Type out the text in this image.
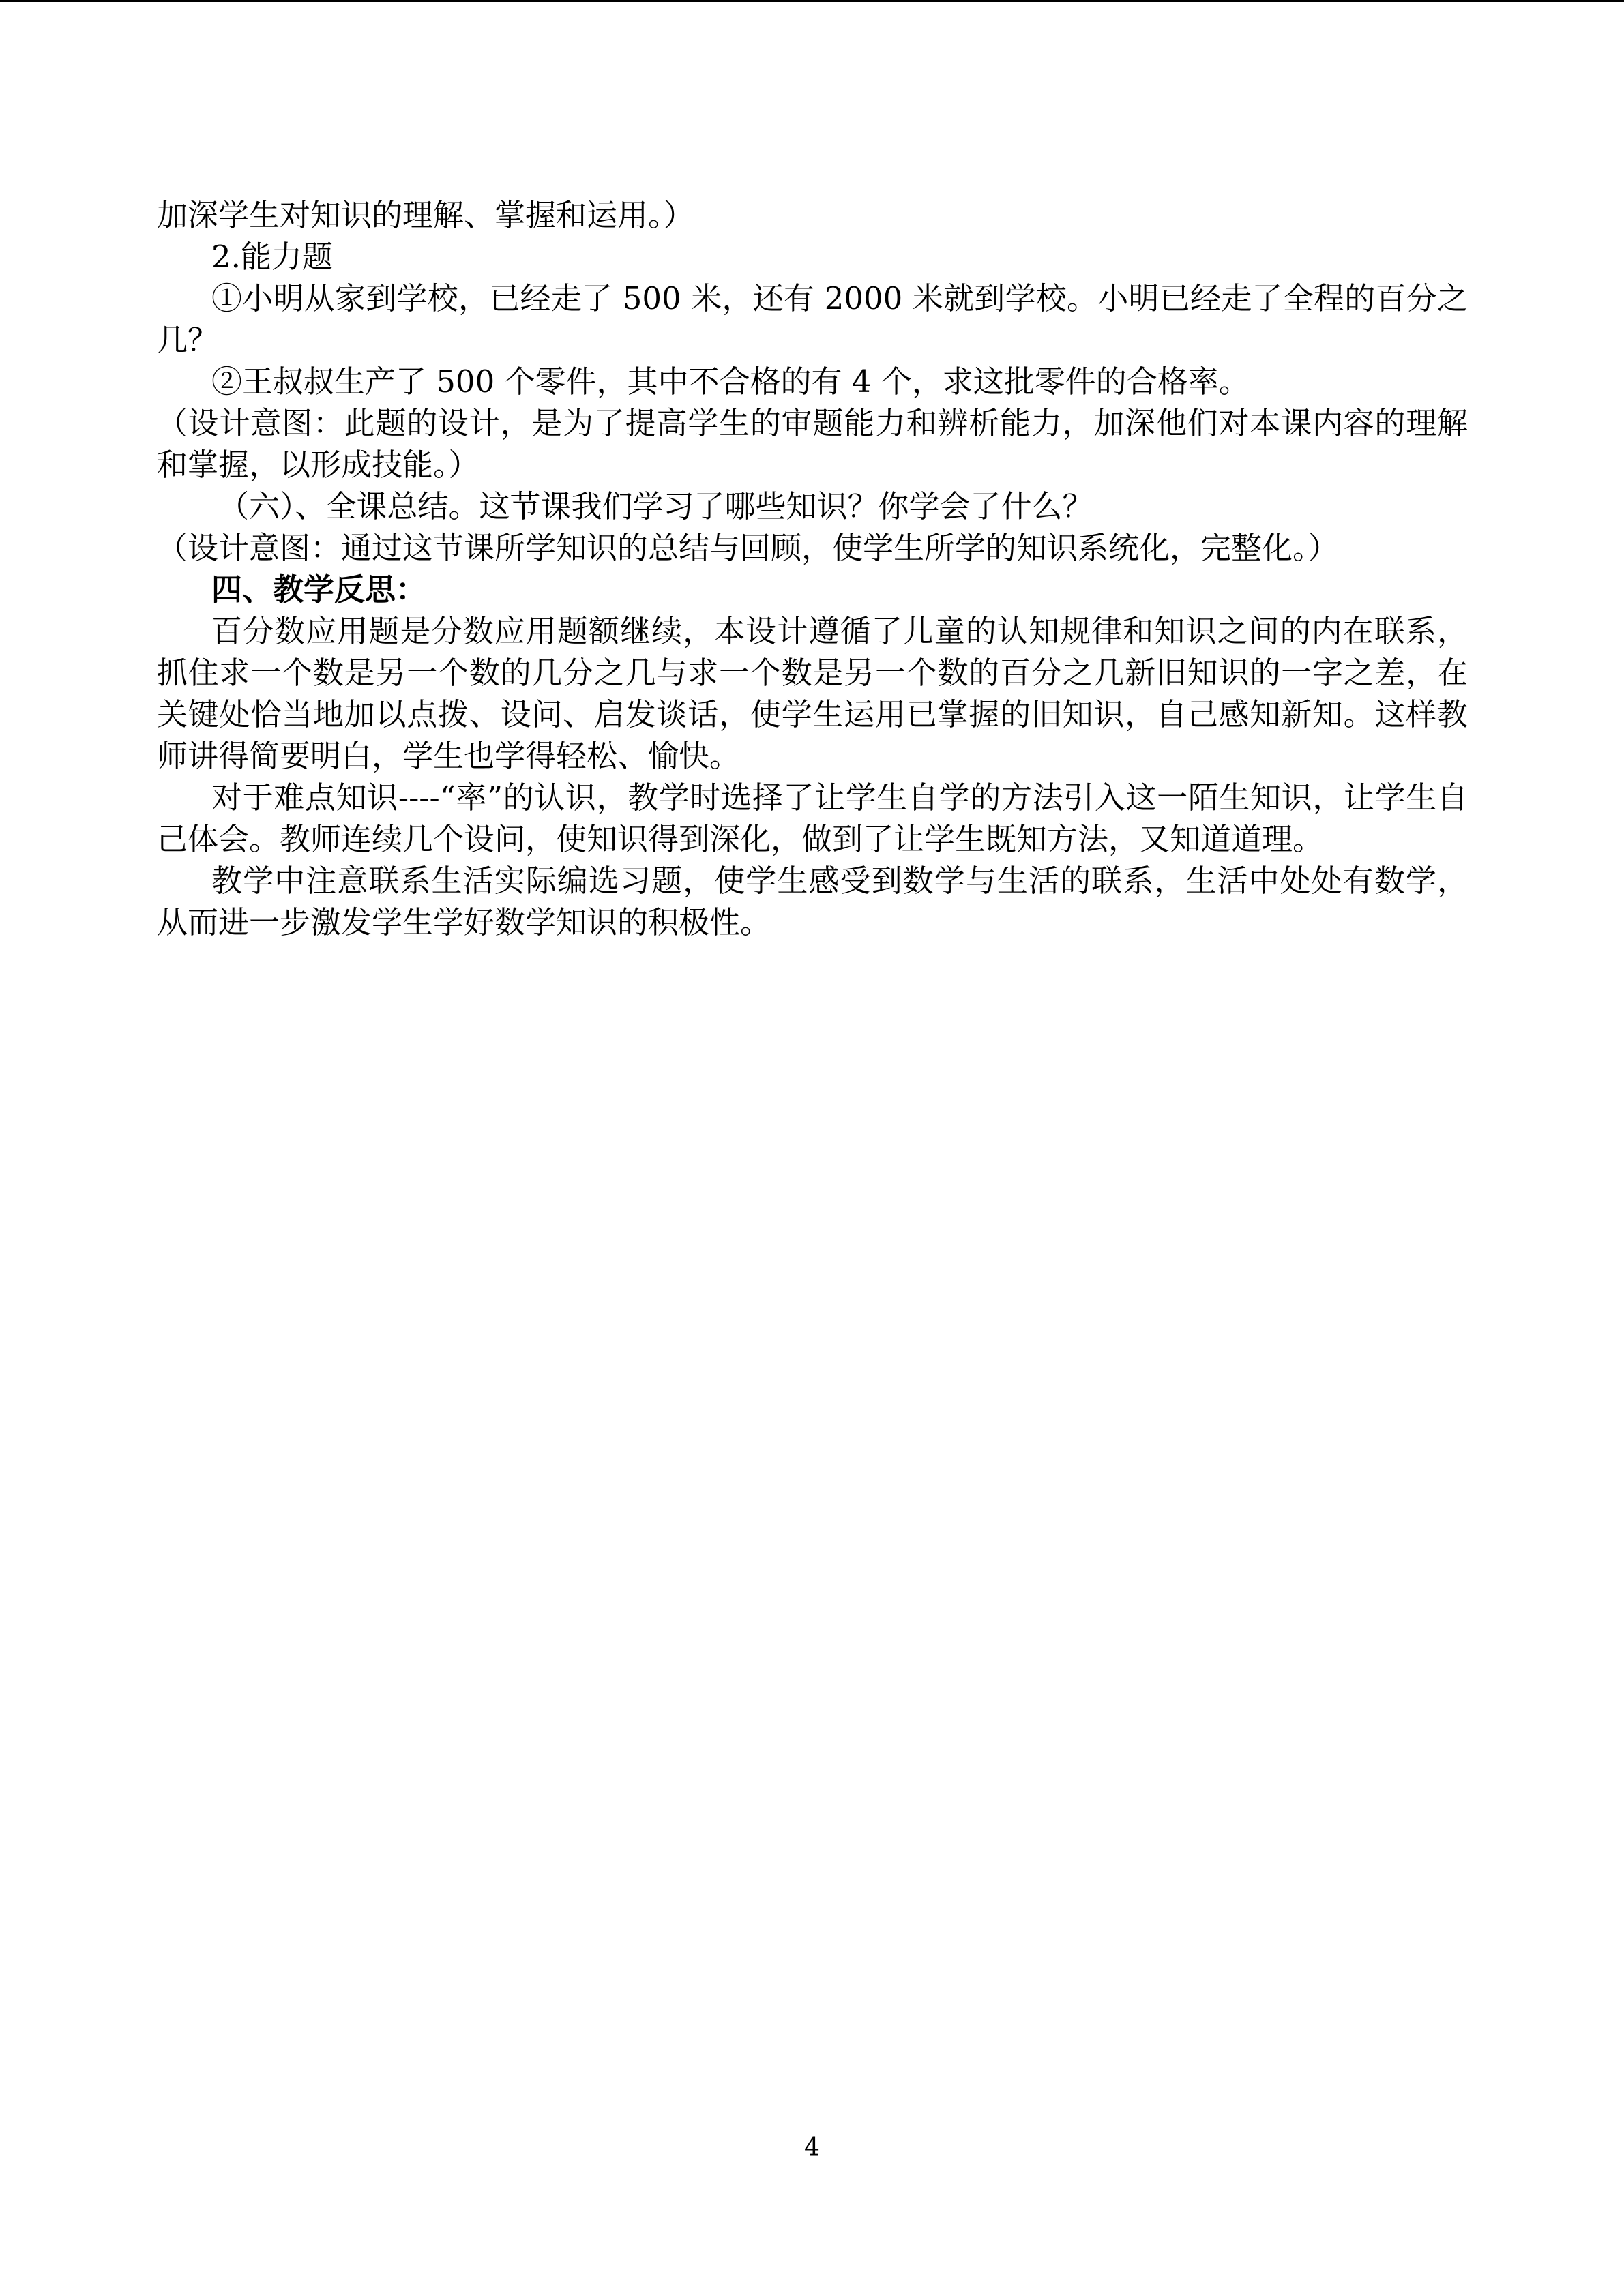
加深学生对知识的理解、掌握和运用。）

2.能力题

①小明从家到学校，已经走了 500 米，还有 2000 米就到学校。小明已经走了全程的百分之几？

②王叔叔生产了 500 个零件，其中不合格的有 4 个，求这批零件的合格率。

（设计意图：此题的设计，是为了提高学生的审题能力和辨析能力，加深他们对本课内容的理解和掌握，以形成技能。）

（六）、全课总结。这节课我们学习了哪些知识？你学会了什么？

（设计意图：通过这节课所学知识的总结与回顾，使学生所学的知识系统化，完整化。）

四、教学反思：

百分数应用题是分数应用题额继续，本设计遵循了儿童的认知规律和知识之间的内在联系，抓住求一个数是另一个数的几分之几与求一个数是另一个数的百分之几新旧知识的一字之差，在关键处恰当地加以点拨、设问、启发谈话，使学生运用已掌握的旧知识，自己感知新知。这样教师讲得简要明白，学生也学得轻松、愉快。

对于难点知识----“率”的认识，教学时选择了让学生自学的方法引入这一陌生知识，让学生自己体会。教师连续几个设问，使知识得到深化，做到了让学生既知方法，又知道道理。

教学中注意联系生活实际编选习题，使学生感受到数学与生活的联系，生活中处处有数学，从而进一步激发学生学好数学知识的积极性。

4
